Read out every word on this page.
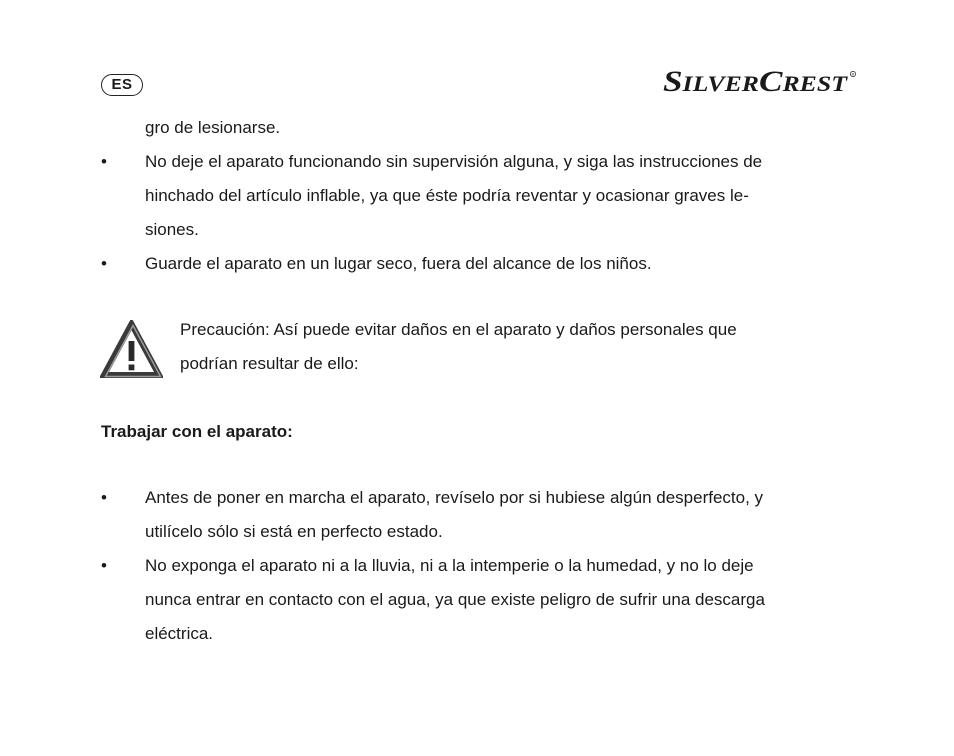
ES	S ILVER C REST	R
gro de lesionarse.
• No deje el aparato funcionando sin supervisión alguna, y siga las instrucciones de
hinchado del artículo inflable, ya que éste podría reventar y ocasionar graves le-
siones.
• Guarde el aparato en un lugar seco, fuera del alcance de los niños.
Precaución: Así puede evitar daños en el aparato y daños personales que
podrían resultar de ello:
Trabajar con el aparato:
• Antes de poner en marcha el aparato, revíselo por si hubiese algún desperfecto, y
utilícelo sólo si está en perfecto estado.
• No exponga el aparato ni a la lluvia, ni a la intemperie o la humedad, y no lo deje
nunca entrar en contacto con el agua, ya que existe peligro de sufrir una descarga
eléctrica.
